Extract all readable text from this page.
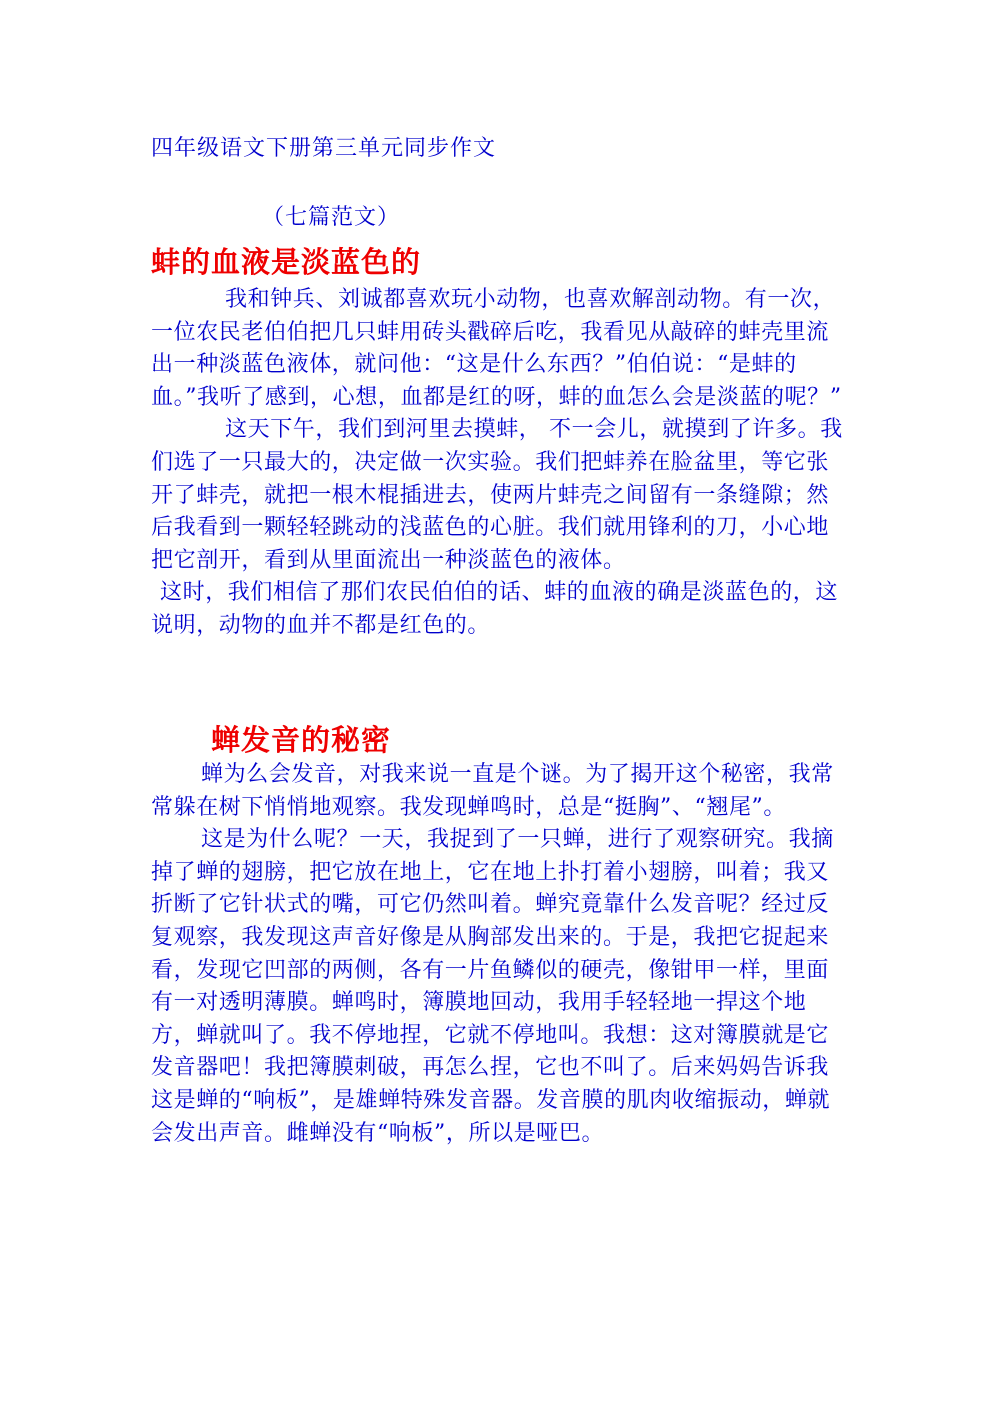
四年级语文下册第三单元同步作文
（七篇范文）
蚌的血液是淡蓝色的

我和钟兵、刘诚都喜欢玩小动物，也喜欢解剖动物。有一次，一位农民老伯伯把几只蚌用砖头戳碎后吃，我看见从敲碎的蚌壳里流出一种淡蓝色液体，就问他：“这是什么东西？”伯伯说：“是蚌的血。”我听了感到，心想，血都是红的呀，蚌的血怎么会是淡蓝的呢？”

这天下午，我们到河里去摸蚌， 不一会儿，就摸到了许多。我们选了一只最大的，决定做一次实验。我们把蚌养在脸盆里，等它张开了蚌壳，就把一根木棍插进去，使两片蚌壳之间留有一条缝隙；然后我看到一颗轻轻跳动的浅蓝色的心脏。我们就用锋利的刀，小心地把它剖开，看到从里面流出一种淡蓝色的液体。

这时，我们相信了那们农民伯伯的话、蚌的血液的确是淡蓝色的，这说明，动物的血并不都是红色的。

蝉发音的秘密

蝉为么会发音，对我来说一直是个谜。为了揭开这个秘密，我常常躲在树下悄悄地观察。我发现蝉鸣时，总是“挺胸”、“翘尾”。

这是为什么呢？一天，我捉到了一只蝉，进行了观察研究。我摘掉了蝉的翅膀，把它放在地上，它在地上扑打着小翅膀，叫着；我又折断了它针状式的嘴，可它仍然叫着。蝉究竟靠什么发音呢？经过反复观察，我发现这声音好像是从胸部发出来的。于是，我把它捉起来看，发现它凹部的两侧，各有一片鱼鳞似的硬壳，像钳甲一样，里面有一对透明薄膜。蝉鸣时，簿膜地回动，我用手轻轻地一捍这个地方，蝉就叫了。我不停地捏，它就不停地叫。我想：这对簿膜就是它发音器吧！我把簿膜刺破，再怎么捏，它也不叫了。后来妈妈告诉我这是蝉的“响板”，是雄蝉特殊发音器。发音膜的肌肉收缩振动，蝉就会发出声音。雌蝉没有“响板”，所以是哑巴。
